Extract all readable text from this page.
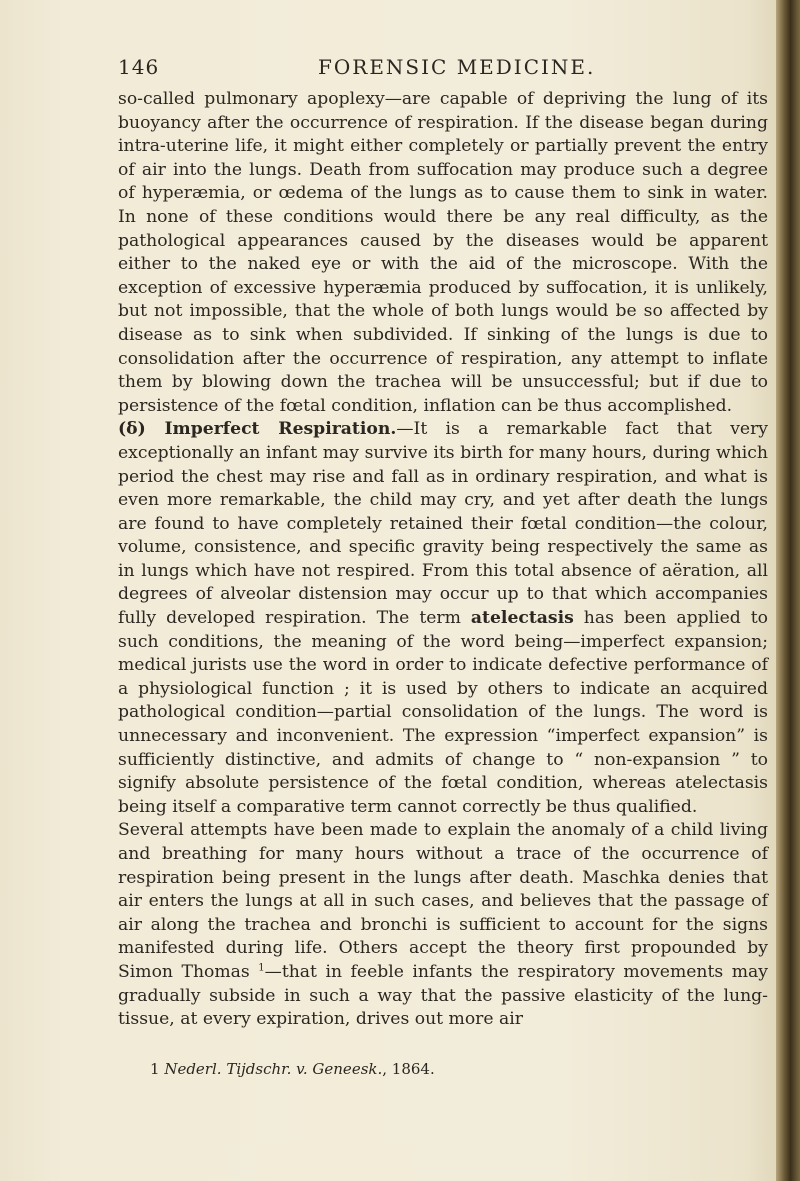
146	FORENSIC MEDICINE.

so-called pulmonary apoplexy—are capable of depriving the lung of its buoyancy after the occurrence of respiration. If the disease began during intra-uterine life, it might either completely or partially prevent the entry of air into the lungs. Death from suffocation may produce such a degree of hyperæmia, or œdema of the lungs as to cause them to sink in water. In none of these conditions would there be any real difficulty, as the pathological appearances caused by the diseases would be apparent either to the naked eye or with the aid of the microscope. With the exception of excessive hyperæmia produced by suffocation, it is unlikely, but not impossible, that the whole of both lungs would be so affected by disease as to sink when subdivided. If sinking of the lungs is due to consolidation after the occurrence of respiration, any attempt to inflate them by blowing down the trachea will be unsuccessful; but if due to persistence of the fœtal condition, inflation can be thus accomplished.

(δ) Imperfect Respiration.—It is a remarkable fact that very exceptionally an infant may survive its birth for many hours, during which period the chest may rise and fall as in ordinary respiration, and what is even more remarkable, the child may cry, and yet after death the lungs are found to have completely retained their fœtal condition—the colour, volume, consistence, and specific gravity being respectively the same as in lungs which have not respired. From this total absence of aëration, all degrees of alveolar distension may occur up to that which accompanies fully developed respiration. The term atelectasis has been applied to such conditions, the meaning of the word being—imperfect expansion; medical jurists use the word in order to indicate defective performance of a physiological function ; it is used by others to indicate an acquired pathological condition—partial consolidation of the lungs. The word is unnecessary and inconvenient. The expression “imperfect expansion” is sufficiently distinctive, and admits of change to “ non-expansion ” to signify absolute persistence of the fœtal condition, whereas atelectasis being itself a comparative term cannot correctly be thus qualified.

Several attempts have been made to explain the anomaly of a child living and breathing for many hours without a trace of the occurrence of respiration being present in the lungs after death. Maschka denies that air enters the lungs at all in such cases, and believes that the passage of air along the trachea and bronchi is sufficient to account for the signs manifested during life. Others accept the theory first propounded by Simon Thomas $^1$—that in feeble infants the respiratory movements may gradually subside in such a way that the passive elasticity of the lung-tissue, at every expiration, drives out more air

1 Nederl. Tijdschr. v. Geneesk., 1864.
